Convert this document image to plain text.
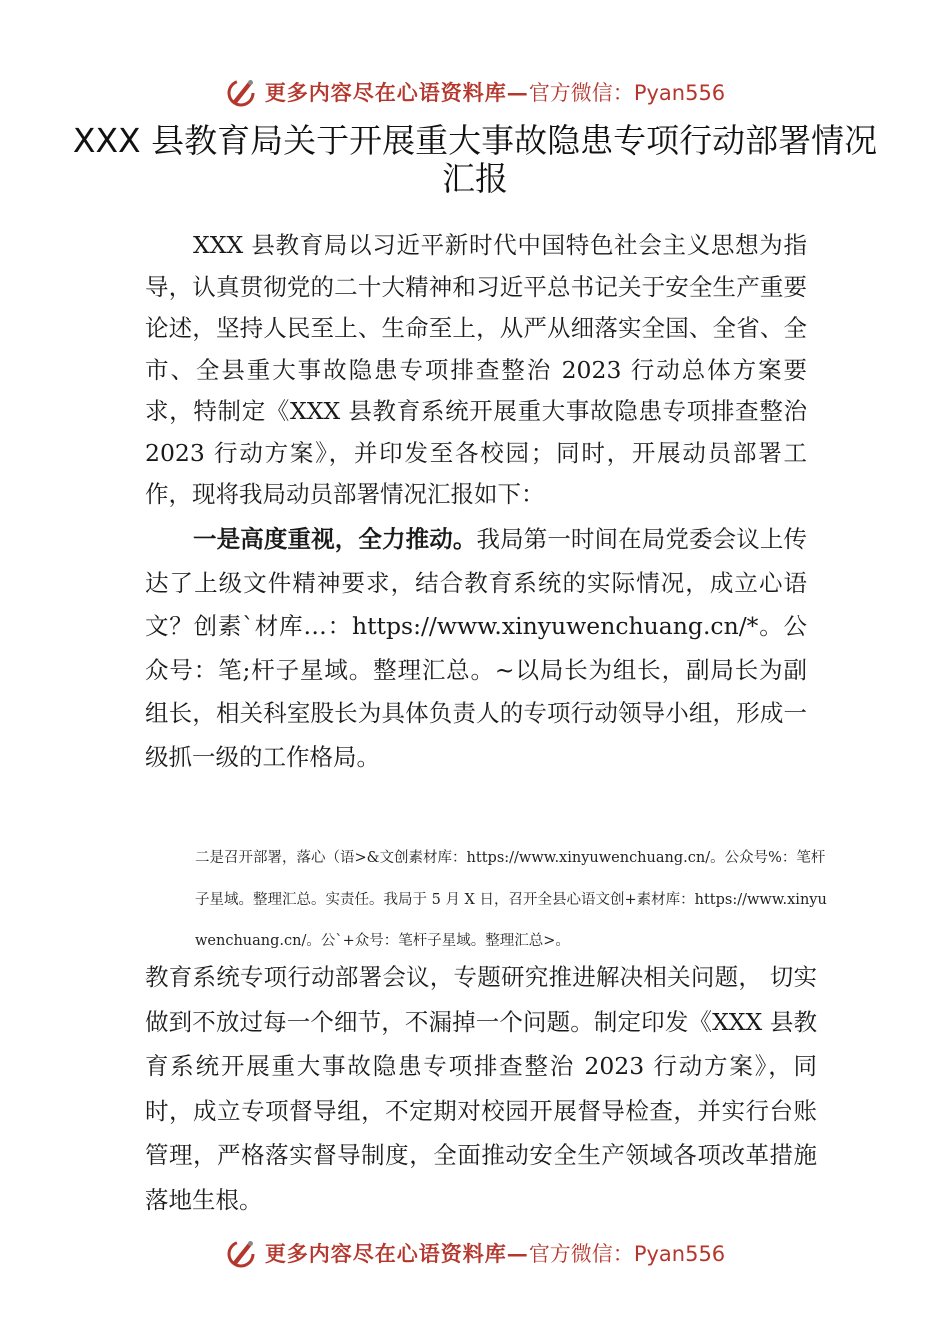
更多内容尽在心语资料库— 官方微信：Pyan556
XXX 县教育局关于开展重大事故隐患专项行动部署情况汇报

XXX 县教育局以习近平新时代中国特色社会主义思想为指导，认真贯彻党的二十大精神和习近平总书记关于安全生产重要论述，坚持人民至上、生命至上，从严从细落实全国、全省、全市、全县重大事故隐患专项排查整治 2023 行动总体方案要求，特制定《XXX 县教育系统开展重大事故隐患专项排查整治 2023 行动方案》，并印发至各校园；同时，开展动员部署工作，现将我局动员部署情况汇报如下：

一是高度重视，全力推动。我局第一时间在局党委会议上传达了上级文件精神要求，结合教育系统的实际情况，成立心语文？创素`材库…：https://www.xinyuwenchuang.cn/*。公众号：笔;杆子星域。整理汇总。~以局长为组长，副局长为副组长，相关科室股长为具体负责人的专项行动领导小组，形成一级抓一级的工作格局。

二是召开部署，落心（语>&文创素材库：https://www.xinyuwenchuang.cn/。公众号%：笔杆子星域。整理汇总。实责任。我局于 5 月 X 日，召开全县心语文创+素材库：https://www.xinyuwenchuang.cn/。公`+众号：笔杆子星域。整理汇总>。

教育系统专项行动部署会议，专题研究推进解决相关问题， 切实做到不放过每一个细节，不漏掉一个问题。制定印发《XXX 县教育系统开展重大事故隐患专项排查整治 2023 行动方案》，同时，成立专项督导组，不定期对校园开展督导检查，并实行台账管理，严格落实督导制度，全面推动安全生产领域各项改革措施落地生根。

更多内容尽在心语资料库— 官方微信：Pyan556
